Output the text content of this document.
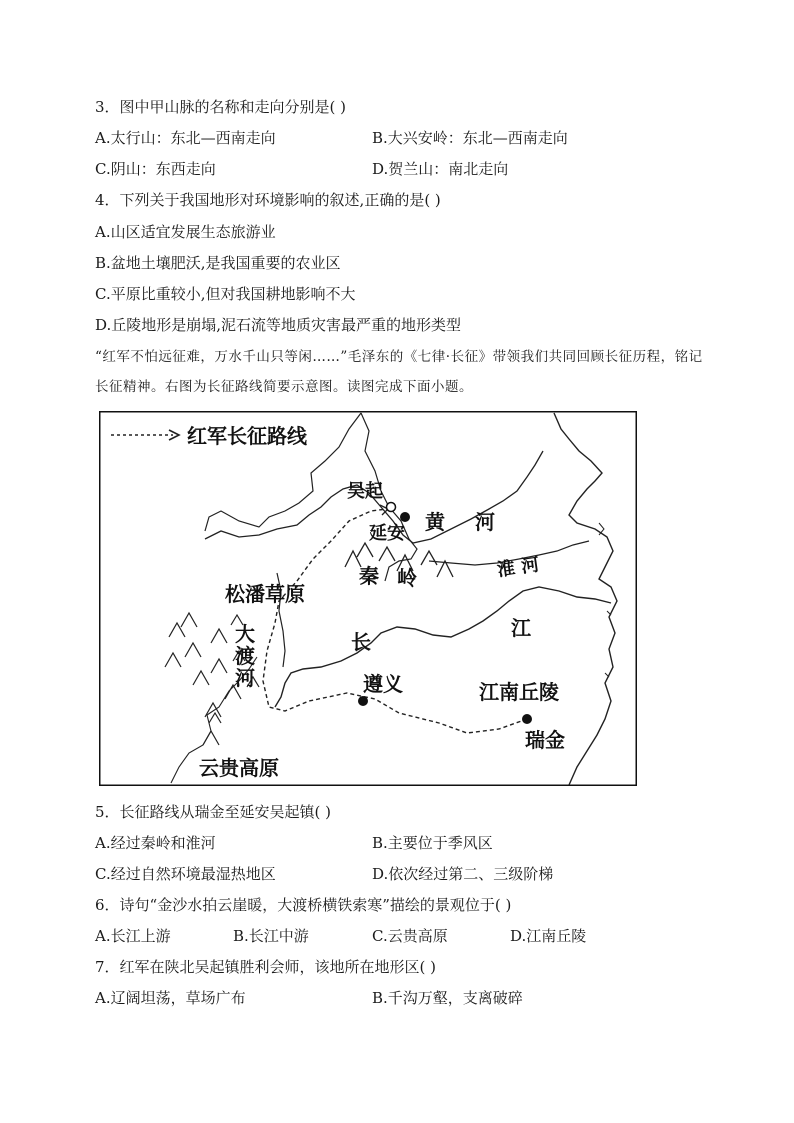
3．图中甲山脉的名称和走向分别是( )
A.太行山：东北—西南走向	B.大兴安岭：东北—西南走向
C.阴山：东西走向	D.贺兰山：南北走向
4．下列关于我国地形对环境影响的叙述,正确的是( )
A.山区适宜发展生态旅游业
B.盆地土壤肥沃,是我国重要的农业区
C.平原比重较小,但对我国耕地影响不大
D.丘陵地形是崩塌,泥石流等地质灾害最严重的地形类型
“红军不怕远征难，万水千山只等闲……”毛泽东的《七律·长征》带领我们共同回顾长征历程，铭记长征精神。右图为长征路线简要示意图。读图完成下面小题。
红军长征路线
吴起
延安 黄 河
淮 河
秦 岭
松潘草原
大
渡
河
长
江
遵义	江南丘陵
瑞金
云贵高原
5．长征路线从瑞金至延安吴起镇( )
A.经过秦岭和淮河	B.主要位于季风区
C.经过自然环境最湿热地区	D.依次经过第二、三级阶梯
6．诗句“金沙水拍云崖暖，大渡桥横铁索寒”描绘的景观位于( )
A.长江上游	B.长江中游	C.云贵高原	D.江南丘陵
7．红军在陕北吴起镇胜利会师，该地所在地形区( )
A.辽阔坦荡，草场广布	B.千沟万壑，支离破碎
